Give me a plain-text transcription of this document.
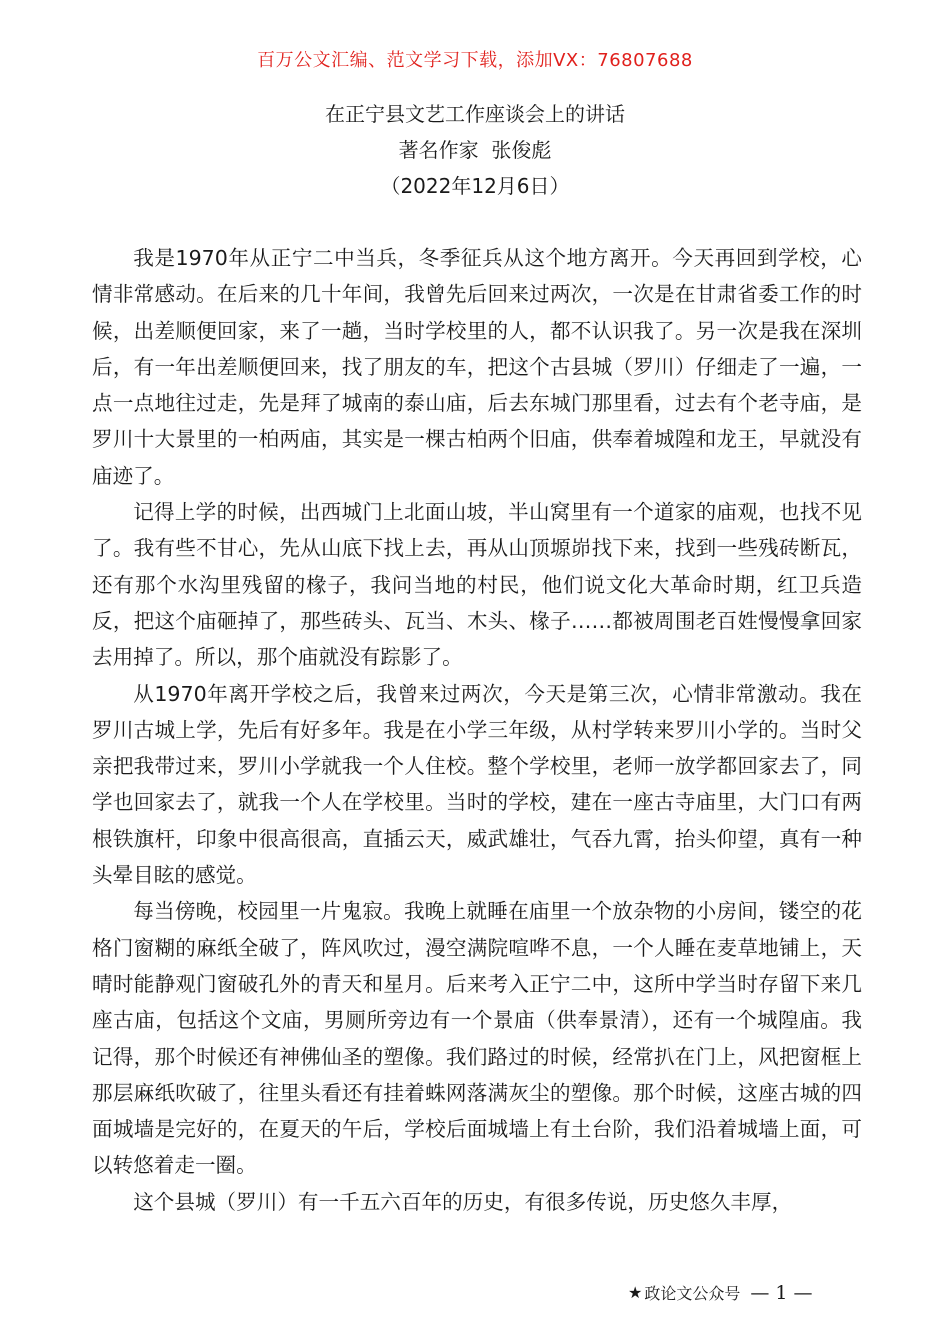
百万公文汇编、范文学习下载，添加VX：76807688
在正宁县文艺工作座谈会上的讲话
著名作家  张俊彪
（2022年12月6日）

我是1970年从正宁二中当兵，冬季征兵从这个地方离开。今天再回到学校，心情非常感动。在后来的几十年间，我曾先后回来过两次，一次是在甘肃省委工作的时候，出差顺便回家，来了一趟，当时学校里的人，都不认识我了。另一次是我在深圳后，有一年出差顺便回来，找了朋友的车，把这个古县城（罗川）仔细走了一遍，一点一点地往过走，先是拜了城南的泰山庙，后去东城门那里看，过去有个老寺庙，是罗川十大景里的一柏两庙，其实是一棵古柏两个旧庙，供奉着城隍和龙王，早就没有庙迹了。

记得上学的时候，出西城门上北面山坡，半山窝里有一个道家的庙观，也找不见了。我有些不甘心，先从山底下找上去，再从山顶塬峁找下来，找到一些残砖断瓦，还有那个水沟里残留的椽子，我问当地的村民，他们说文化大革命时期，红卫兵造反，把这个庙砸掉了，那些砖头、瓦当、木头、椽子……都被周围老百姓慢慢拿回家去用掉了。所以，那个庙就没有踪影了。

从1970年离开学校之后，我曾来过两次，今天是第三次，心情非常激动。我在罗川古城上学，先后有好多年。我是在小学三年级，从村学转来罗川小学的。当时父亲把我带过来，罗川小学就我一个人住校。整个学校里，老师一放学都回家去了，同学也回家去了，就我一个人在学校里。当时的学校，建在一座古寺庙里，大门口有两根铁旗杆，印象中很高很高，直插云天，威武雄壮，气吞九霄，抬头仰望，真有一种头晕目眩的感觉。

每当傍晚，校园里一片鬼寂。我晚上就睡在庙里一个放杂物的小房间，镂空的花格门窗糊的麻纸全破了，阵风吹过，漫空满院喧哗不息，一个人睡在麦草地铺上，天晴时能静观门窗破孔外的青天和星月。后来考入正宁二中，这所中学当时存留下来几座古庙，包括这个文庙，男厕所旁边有一个景庙（供奉景清），还有一个城隍庙。我记得，那个时候还有神佛仙圣的塑像。我们路过的时候，经常扒在门上，风把窗框上那层麻纸吹破了，往里头看还有挂着蛛网落满灰尘的塑像。那个时候，这座古城的四面城墙是完好的，在夏天的午后，学校后面城墙上有土台阶，我们沿着城墙上面，可以转悠着走一圈。

这个县城（罗川）有一千五六百年的历史，有很多传说，历史悠久丰厚，

★ 政论文公众号 — 1 —
